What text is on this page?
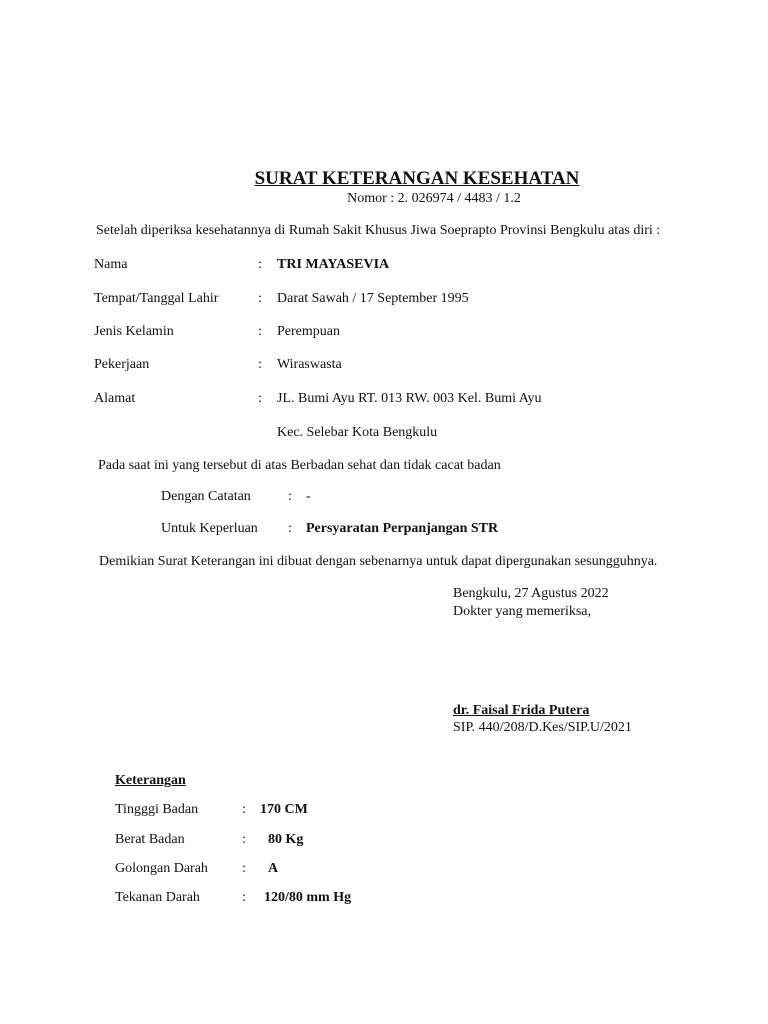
SURAT KETERANGAN KESEHATAN
Nomor : 2. 026974 / 4483 / 1.2
Setelah diperiksa kesehatannya di Rumah Sakit Khusus Jiwa Soeprapto Provinsi Bengkulu atas diri :
Nama	: TRI MAYASEVIA
Tempat/Tanggal Lahir	: Darat Sawah / 17 September 1995
Jenis Kelamin	: Perempuan
Pekerjaan	: Wiraswasta
Alamat	: JL. Bumi Ayu RT. 013 RW. 003 Kel. Bumi Ayu
Kec. Selebar Kota Bengkulu
Pada saat ini yang tersebut di atas Berbadan sehat dan tidak cacat badan
Dengan Catatan	: -
Untuk Keperluan : Persyaratan Perpanjangan STR
Demikian Surat Keterangan ini dibuat dengan sebenarnya untuk dapat dipergunakan sesungguhnya.
Bengkulu, 27 Agustus 2022
Dokter yang memeriksa,
dr. Faisal Frida Putera
SIP. 440/208/D.Kes/SIP.U/2021
Keterangan
Tingggi Badan	: 170 CM
Berat Badan	: 80 Kg
Golongan Darah : A
Tekanan Darah	: 120/80 mm Hg
